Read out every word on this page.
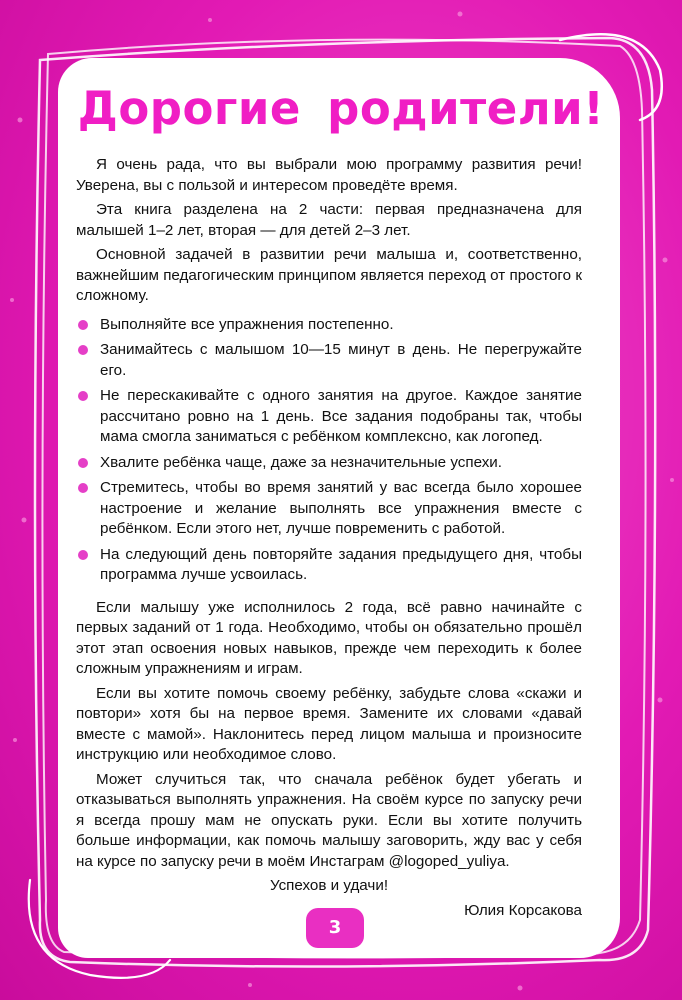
Дорогие родители!

Я очень рада, что вы выбрали мою программу развития речи! Уверена, вы с пользой и интересом проведёте время.

Эта книга разделена на 2 части: первая предназначена для малышей 1–2 лет, вторая — для детей 2–3 лет.

Основной задачей в развитии речи малыша и, соответственно, важнейшим педагогическим принципом является переход от простого к сложному.

Выполняйте все упражнения постепенно.
Занимайтесь с малышом 10—15 минут в день. Не перегружайте его.
Не перескакивайте с одного занятия на другое. Каждое занятие рассчитано ровно на 1 день. Все задания подобраны так, чтобы мама смогла заниматься с ребёнком комплексно, как логопед.
Хвалите ребёнка чаще, даже за незначительные успехи.
Стремитесь, чтобы во время занятий у вас всегда было хорошее настроение и желание выполнять все упражнения вместе с ребёнком. Если этого нет, лучше повременить с работой.
На следующий день повторяйте задания предыдущего дня, чтобы программа лучше усвоилась.

Если малышу уже исполнилось 2 года, всё равно начинайте с первых заданий от 1 года. Необходимо, чтобы он обязательно прошёл этот этап освоения новых навыков, прежде чем переходить к более сложным упражнениям и играм.

Если вы хотите помочь своему ребёнку, забудьте слова «скажи и повтори» хотя бы на первое время. Замените их словами «давай вместе с мамой». Наклонитесь перед лицом малыша и произносите инструкцию или необходимое слово.

Может случиться так, что сначала ребёнок будет убегать и отказываться выполнять упражнения. На своём курсе по запуску речи я всегда прошу мам не опускать руки. Если вы хотите получить больше информации, как помочь малышу заговорить, жду вас у себя на курсе по запуску речи в моём Инстаграм @logoped_yuliya.

Успехов и удачи!

Юлия Корсакова

3
